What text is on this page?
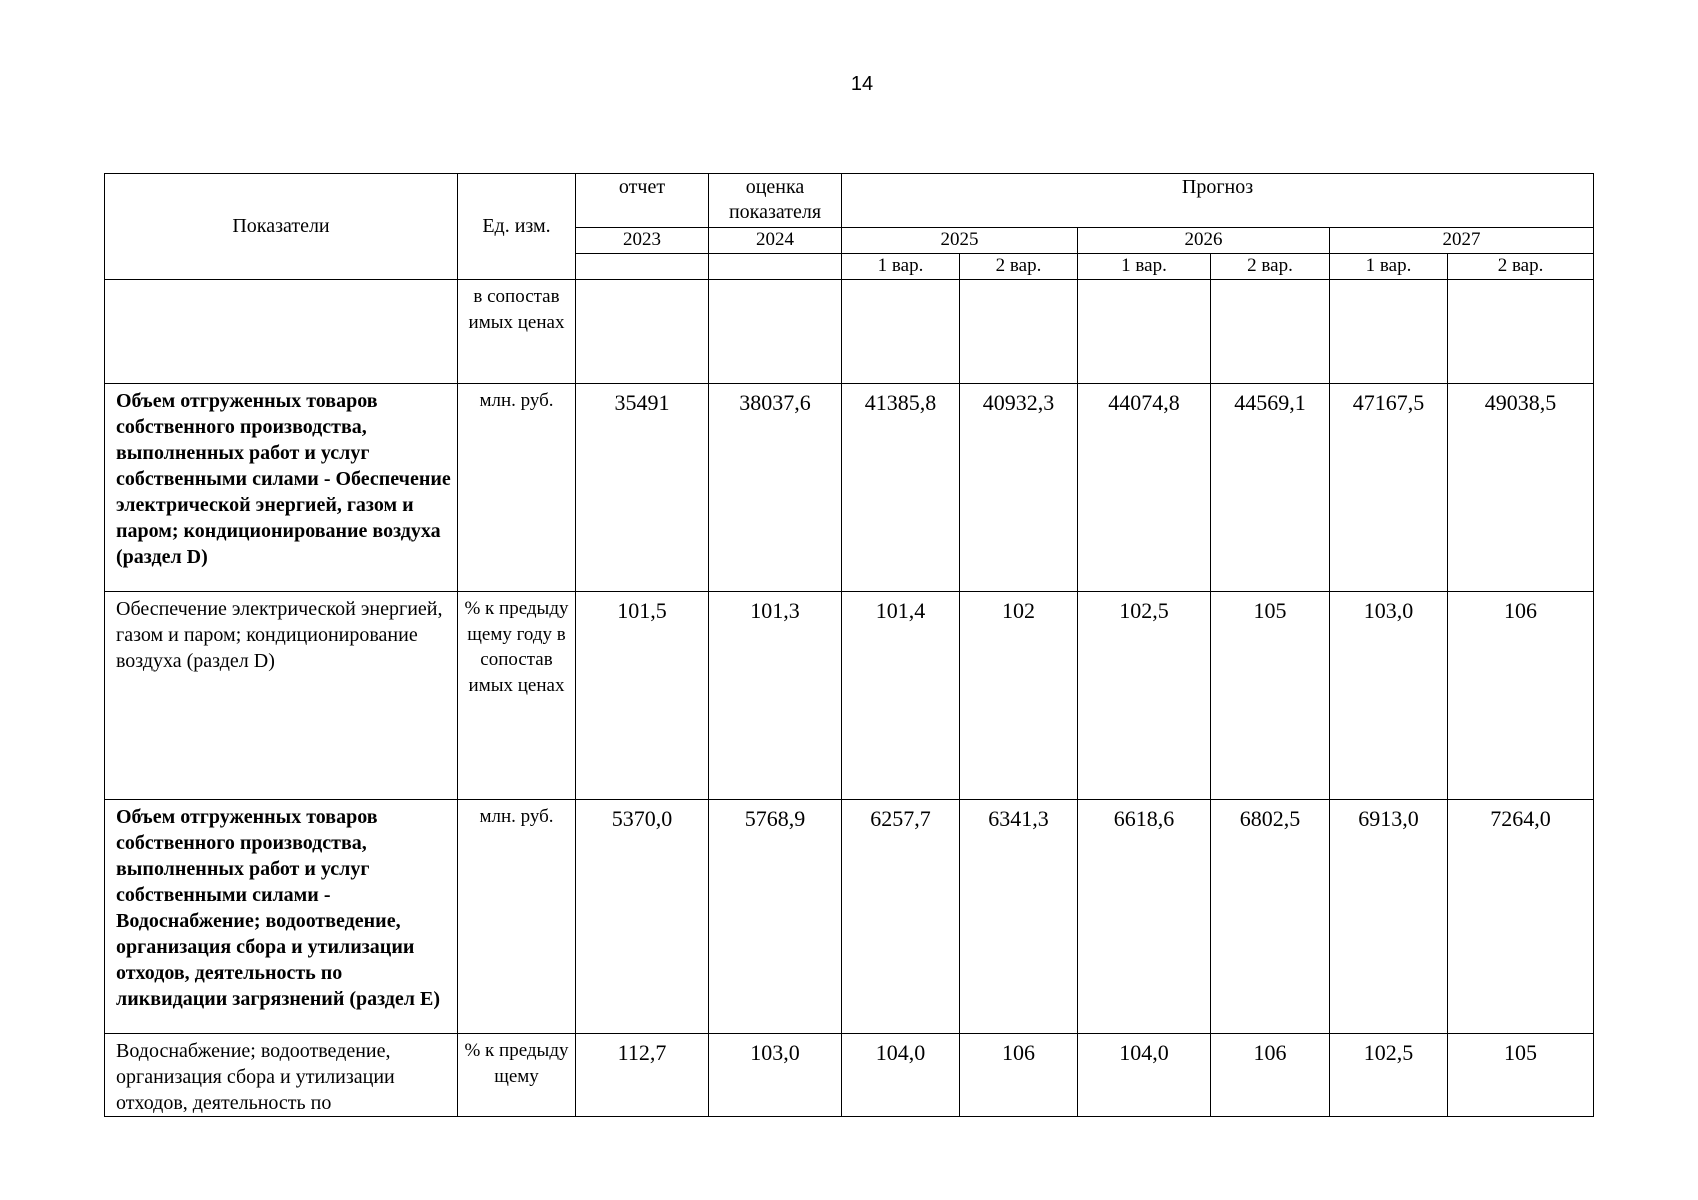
14
Показатели	Ед. изм.	отчет	оценка показателя	Прогноз					
		2023	2024	2025		2026		2027	
				1 вар.	2 вар.	1 вар.	2 вар.	1 вар.	2 вар.
	в сопостав имых ценах								
Объем отгруженных товаров собственного производства, выполненных работ и услуг собственными силами - Обеспечение электрической энергией, газом и паром; кондиционирование воздуха (раздел D)	млн. руб.	35491	38037,6	41385,8	40932,3	44074,8	44569,1	47167,5	49038,5
Обеспечение электрической энергией, газом и паром; кондиционирование воздуха (раздел D)	% к предыду щему году в сопостав имых ценах	101,5	101,3	101,4	102	102,5	105	103,0	106
Объем отгруженных товаров собственного производства, выполненных работ и услуг собственными силами - Водоснабжение; водоотведение, организация сбора и утилизации отходов, деятельность по ликвидации загрязнений (раздел E)	млн. руб.	5370,0	5768,9	6257,7	6341,3	6618,6	6802,5	6913,0	7264,0
Водоснабжение; водоотведение, организация сбора и утилизации отходов, деятельность по	% к предыду щему	112,7	103,0	104,0	106	104,0	106	102,5	105
